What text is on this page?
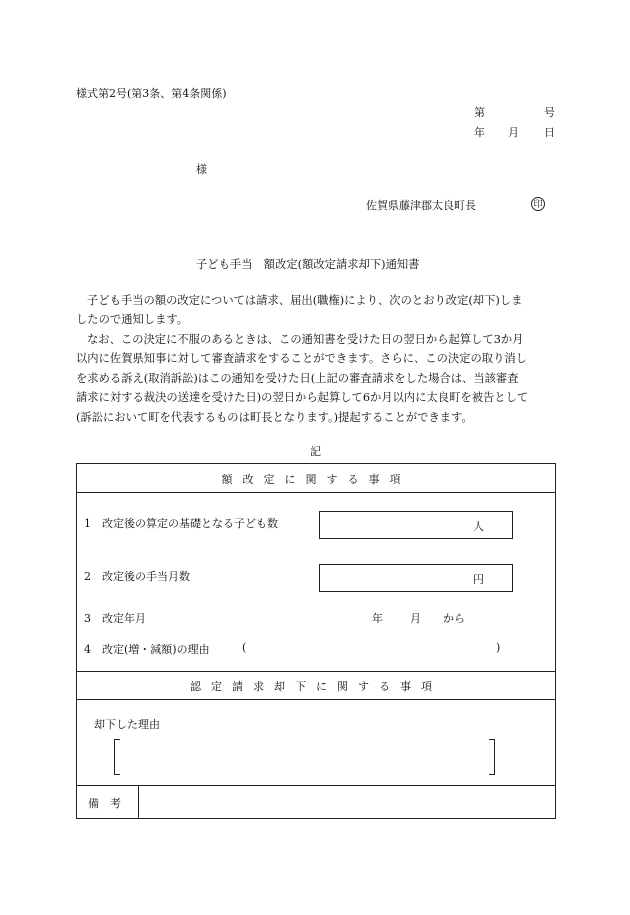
様式第2号(第3条、第4条関係)
第	号
年 月 日
様
佐賀県藤津郡太良町長	印
子ども手当　額改定(額改定請求却下)通知書
子ども手当の額の改定については請求、届出(職権)により、次のとおり改定(却下)しま
したので通知します。
なお、この決定に不服のあるときは、この通知書を受けた日の翌日から起算して3か月
以内に佐賀県知事に対して審査請求をすることができます。さらに、この決定の取り消し
を求める訴え(取消訴訟)はこの通知を受けた日(上記の審査請求をした場合は、当該審査
請求に対する裁決の送達を受けた日)の翌日から起算して6か月以内に太良町を被告として
(訴訟において町を代表するものは町長となります。)提起することができます。
記
額改定に関する事項
1　改定後の算定の基礎となる子ども数	人
2　改定後の手当月数	円
3　改定年月	年 月 から
4　改定(増・減額)の理由	(	)
認定請求却下に関する事項
却下した理由
備　考
